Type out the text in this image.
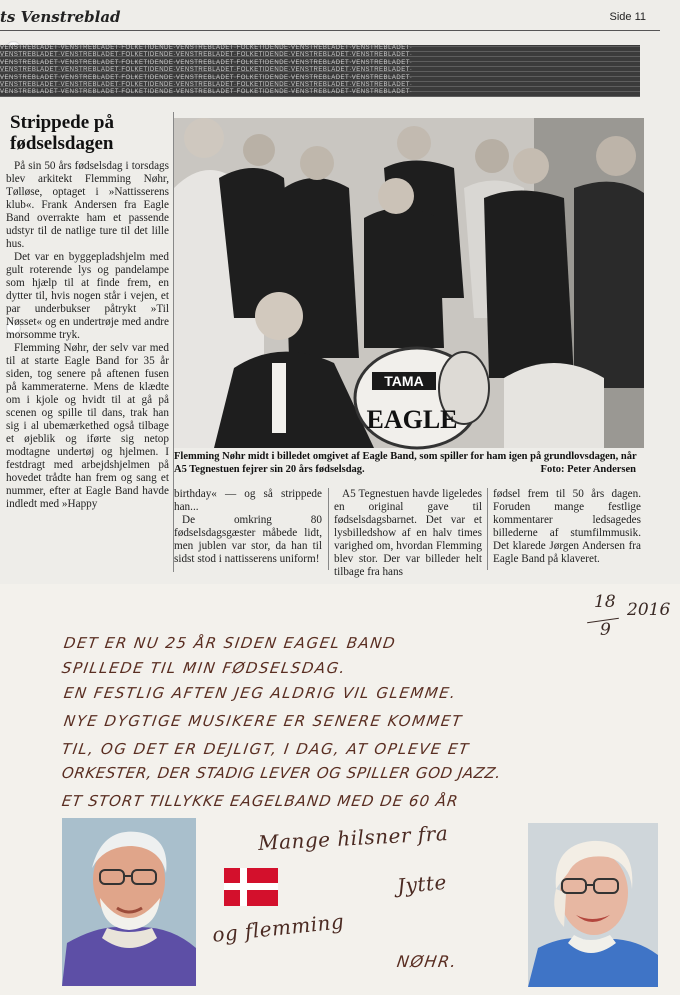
ts Venstreblad	Side 11
VENSTREBLADET·VENSTREBLADET·FOLKETIDENDE·VENSTREBLADET·FOLKETIDENDE·VENSTREBLADET·VENSTREBLADET·
VENSTREBLADET·VENSTREBLADET·FOLKETIDENDE·VENSTREBLADET·FOLKETIDENDE·VENSTREBLADET·VENSTREBLADET·
VENSTREBLADET·VENSTREBLADET·FOLKETIDENDE·VENSTREBLADET·FOLKETIDENDE·VENSTREBLADET·VENSTREBLADET·
VENSTREBLADET·VENSTREBLADET·FOLKETIDENDE·VENSTREBLADET·FOLKETIDENDE·VENSTREBLADET·VENSTREBLADET·
VENSTREBLADET·VENSTREBLADET·FOLKETIDENDE·VENSTREBLADET·FOLKETIDENDE·VENSTREBLADET·VENSTREBLADET·
VENSTREBLADET·VENSTREBLADET·FOLKETIDENDE·VENSTREBLADET·FOLKETIDENDE·VENSTREBLADET·VENSTREBLADET·
VENSTREBLADET·VENSTREBLADET·FOLKETIDENDE·VENSTREBLADET·FOLKETIDENDE·VENSTREBLADET·VENSTREBLADET·
Strippede på fødselsdagen

På sin 50 års fødselsdag i torsdags blev arkitekt Flemming Nøhr, Tølløse, optaget i »Nattisserens klub«. Frank Andersen fra Eagle Band overrakte ham et passende udstyr til de natlige ture til det lille hus.

Det var en byggepladshjelm med gult roterende lys og pandelampe som hjælp til at finde frem, en dytter til, hvis nogen står i vejen, et par underbukser påtrykt »Til Nøsset« og en undertrøje med andre morsomme tryk.

Flemming Nøhr, der selv var med til at starte Eagle Band for 35 år siden, tog senere på aftenen fusen på kammeraterne. Mens de klædte om i kjole og hvidt til at gå på scenen og spille til dans, trak han sig i al ubemærkethed også tilbage et øjeblik og iførte sig netop modtagne undertøj og hjelmen. I festdragt med arbejdshjelmen på hovedet trådte han frem og sang et nummer, efter at Eagle Band havde indledt med »Happy

TAMA
EAGLE
Flemming Nøhr midt i billedet omgivet af Eagle Band, som spiller for ham igen på grundlovsdagen, når A5 Tegnestuen fejrer sin 20 års fødselsdag.	Foto: Peter Andersen

birthday« — og så strippede han...

De omkring 80 fødselsdagsgæster måbede lidt, men jublen var stor, da han til sidst stod i nattisserens uniform!

A5 Tegnestuen havde ligeledes en original gave til fødselsdagsbarnet. Det var et lysbilledshow af en halv times varighed om, hvordan Flemming blev stor. Der var billeder helt tilbage fra hans

fødsel frem til 50 års dagen. Foruden mange festlige kommentarer ledsagedes billederne af stumfilmmusik. Det klarede Jørgen Andersen fra Eagle Band på klaveret.

18
9
2016
DET ER NU 25 ÅR SIDEN EAGEL BAND
SPILLEDE TIL MIN FØDSELSDAG.
EN FESTLIG AFTEN JEG ALDRIG VIL GLEMME.
NYE DYGTIGE MUSIKERE ER SENERE KOMMET
TIL, OG DET ER DEJLIGT, I DAG, AT OPLEVE ET
ORKESTER, DER STADIG LEVER OG SPILLER GOD JAZZ.
ET STORT TILLYKKE EAGELBAND MED DE 60 ÅR
Mange hilsner fra
Jytte
og flemming
NØHR.
